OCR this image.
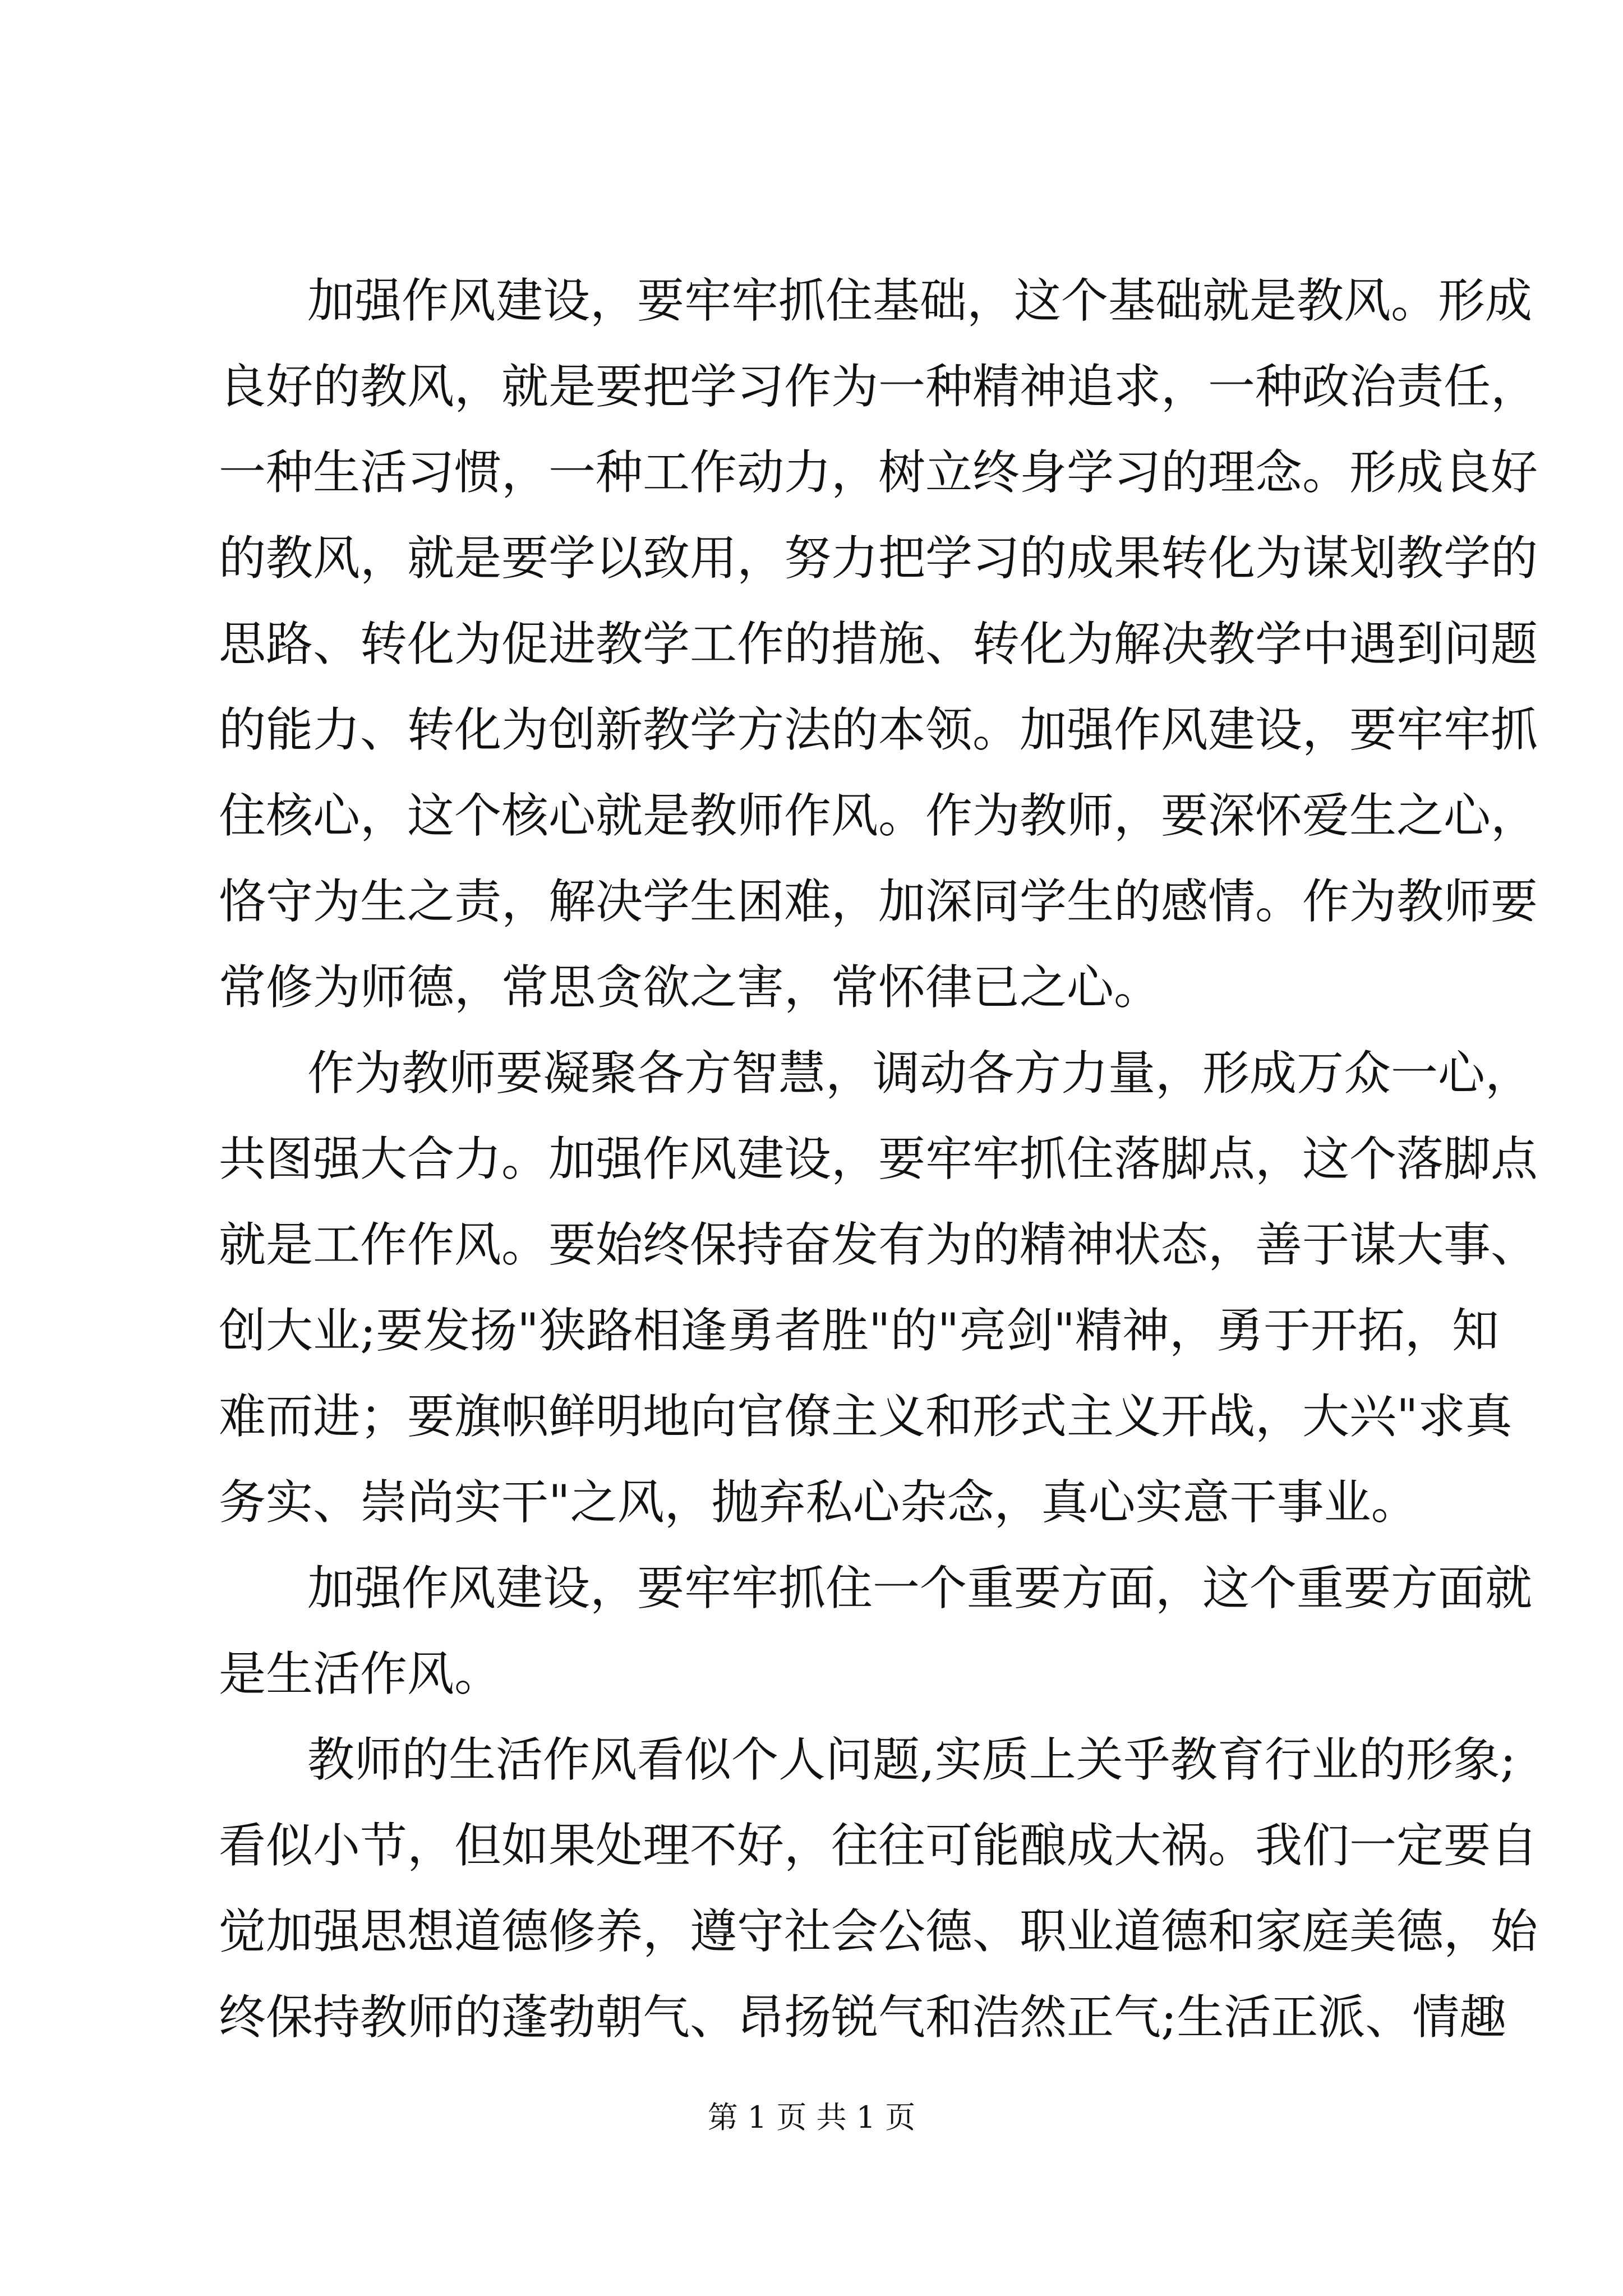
加强作风建设，要牢牢抓住基础，这个基础就是教风。形成
良好的教风，就是要把学习作为一种精神追求，一种政治责任，
一种生活习惯，一种工作动力，树立终身学习的理念。形成良好
的教风，就是要学以致用，努力把学习的成果转化为谋划教学的
思路、转化为促进教学工作的措施、转化为解决教学中遇到问题
的能力、转化为创新教学方法的本领。加强作风建设，要牢牢抓
住核心，这个核心就是教师作风。作为教师，要深怀爱生之心，
恪守为生之责，解决学生困难，加深同学生的感情。作为教师要
常修为师德，常思贪欲之害，常怀律已之心。
作为教师要凝聚各方智慧，调动各方力量，形成万众一心，
共图强大合力。加强作风建设，要牢牢抓住落脚点，这个落脚点
就是工作作风。要始终保持奋发有为的精神状态，善于谋大事、
创大业;要发扬"狭路相逢勇者胜"的"亮剑"精神，勇于开拓，知
难而进；要旗帜鲜明地向官僚主义和形式主义开战，大兴"求真
务实、崇尚实干"之风，抛弃私心杂念，真心实意干事业。
加强作风建设，要牢牢抓住一个重要方面，这个重要方面就
是生活作风。
教师的生活作风看似个人问题,实质上关乎教育行业的形象;
看似小节，但如果处理不好，往往可能酿成大祸。我们一定要自
觉加强思想道德修养，遵守社会公德、职业道德和家庭美德，始
终保持教师的蓬勃朝气、昂扬锐气和浩然正气;生活正派、情趣
第 1 页 共 1 页
